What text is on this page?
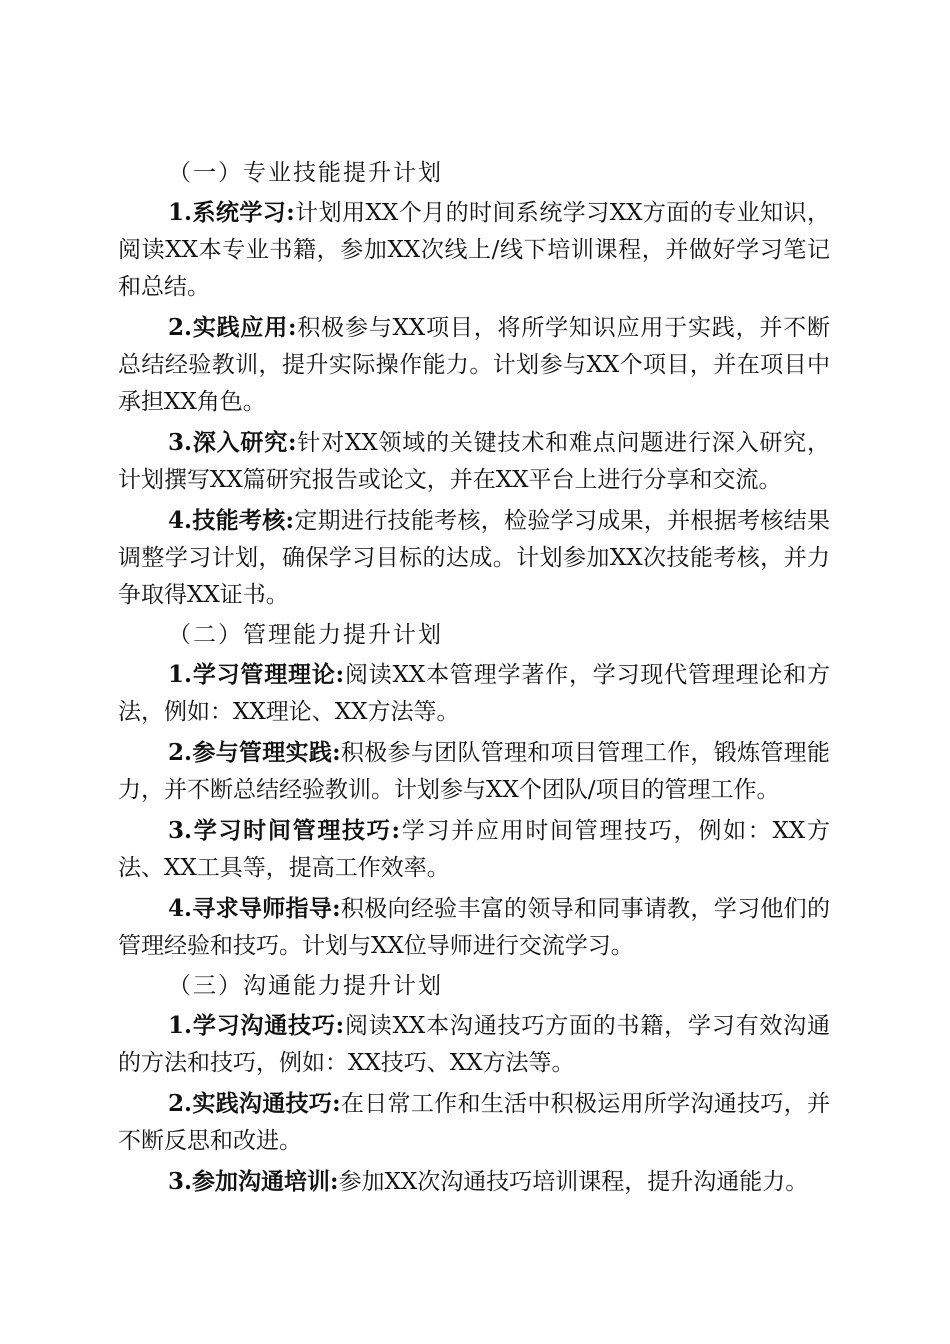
（一）专业技能提升计划

1.系统学习:计划用XX个月的时间系统学习XX方面的专业知识，阅读XX本专业书籍，参加XX次线上/线下培训课程，并做好学习笔记和总结。

2.实践应用:积极参与XX项目，将所学知识应用于实践，并不断总结经验教训，提升实际操作能力。计划参与XX个项目，并在项目中承担XX角色。

3.深入研究:针对XX领域的关键技术和难点问题进行深入研究，计划撰写XX篇研究报告或论文，并在XX平台上进行分享和交流。

4.技能考核:定期进行技能考核，检验学习成果，并根据考核结果调整学习计划，确保学习目标的达成。计划参加XX次技能考核，并力争取得XX证书。

（二）管理能力提升计划

1.学习管理理论:阅读XX本管理学著作，学习现代管理理论和方法，例如：XX理论、XX方法等。

2.参与管理实践:积极参与团队管理和项目管理工作，锻炼管理能力，并不断总结经验教训。计划参与XX个团队/项目的管理工作。

3.学习时间管理技巧:学习并应用时间管理技巧，例如：XX方法、XX工具等，提高工作效率。

4.寻求导师指导:积极向经验丰富的领导和同事请教，学习他们的管理经验和技巧。计划与XX位导师进行交流学习。

（三）沟通能力提升计划

1.学习沟通技巧:阅读XX本沟通技巧方面的书籍，学习有效沟通的方法和技巧，例如：XX技巧、XX方法等。

2.实践沟通技巧:在日常工作和生活中积极运用所学沟通技巧，并不断反思和改进。

3.参加沟通培训:参加XX次沟通技巧培训课程，提升沟通能力。
